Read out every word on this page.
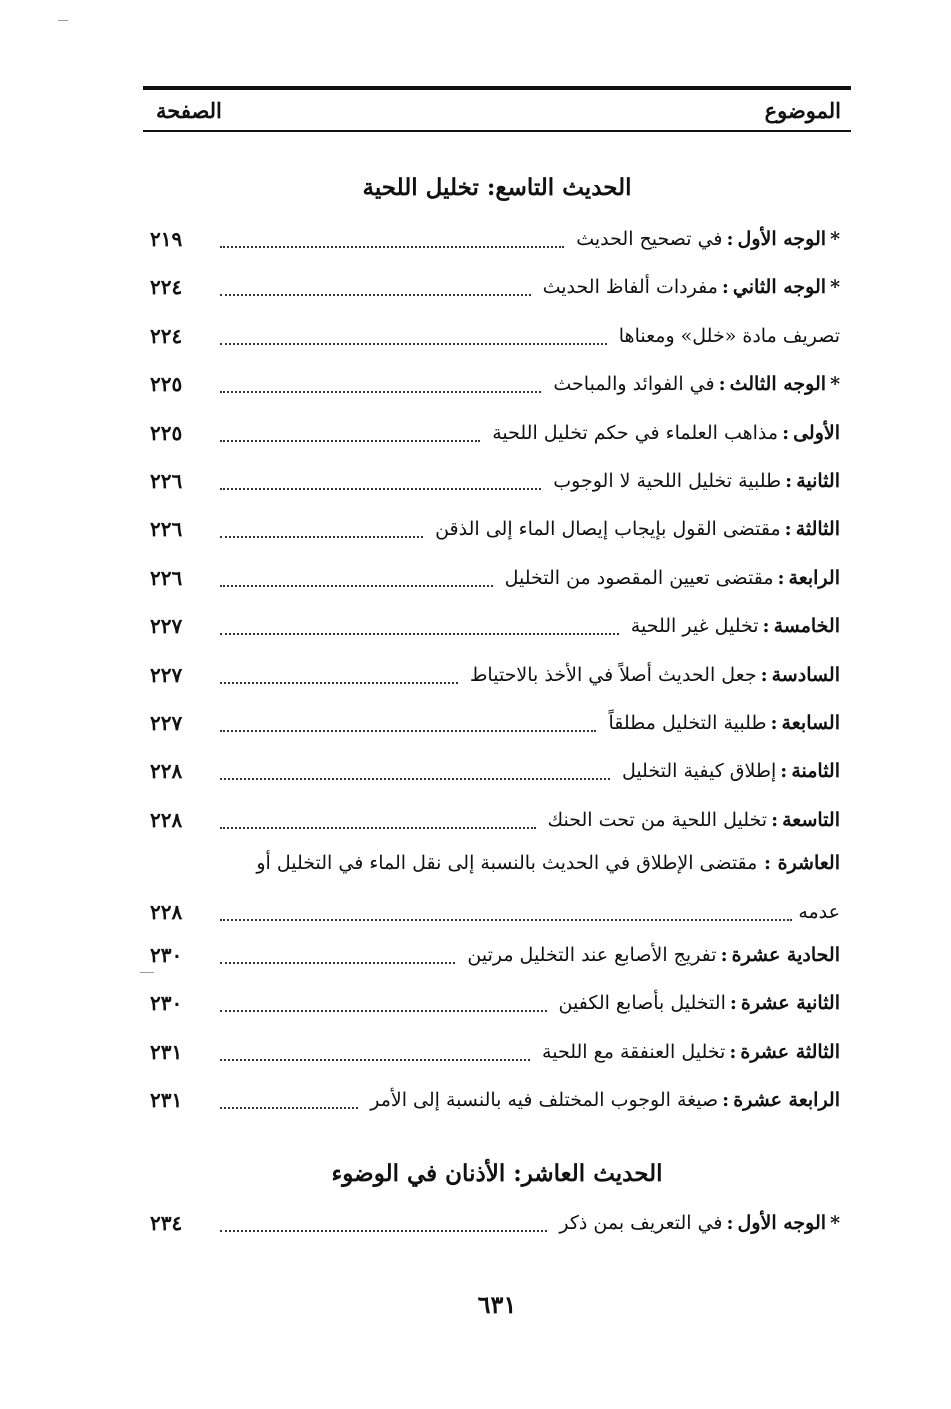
الموضوع
الصفحة
الحديث التاسع: تخليل اللحية
*الوجه الأول:في تصحيح الحديث
٢١٩
*الوجه الثاني:مفردات ألفاظ الحديث
٢٢٤
تصريف مادة «خلل» ومعناها
٢٢٤
*الوجه الثالث:في الفوائد والمباحث
٢٢٥
الأولى:مذاهب العلماء في حكم تخليل اللحية
٢٢٥
الثانية:طلبية تخليل اللحية لا الوجوب
٢٢٦
الثالثة:مقتضى القول بإيجاب إيصال الماء إلى الذقن
٢٢٦
الرابعة:مقتضى تعيين المقصود من التخليل
٢٢٦
الخامسة:تخليل غير اللحية
٢٢٧
السادسة:جعل الحديث أصلاً في الأخذ بالاحتياط
٢٢٧
السابعة:طلبية التخليل مطلقاً
٢٢٧
الثامنة:إطلاق كيفية التخليل
٢٢٨
التاسعة:تخليل اللحية من تحت الحنك
٢٢٨
الحادية عشرة:تفريج الأصابع عند التخليل مرتين
٢٣٠
الثانية عشرة:التخليل بأصابع الكفين
٢٣٠
الثالثة عشرة:تخليل العنفقة مع اللحية
٢٣١
الرابعة عشرة:صيغة الوجوب المختلف فيه بالنسبة إلى الأمر
٢٣١
*الوجه الأول:في التعريف بمن ذكر
٢٣٤
العاشرة : مقتضى الإطلاق في الحديث بالنسبة إلى نقل الماء في التخليل أو
عدمه
٢٢٨
الحديث العاشر: الأذنان في الوضوء
٦٣١
